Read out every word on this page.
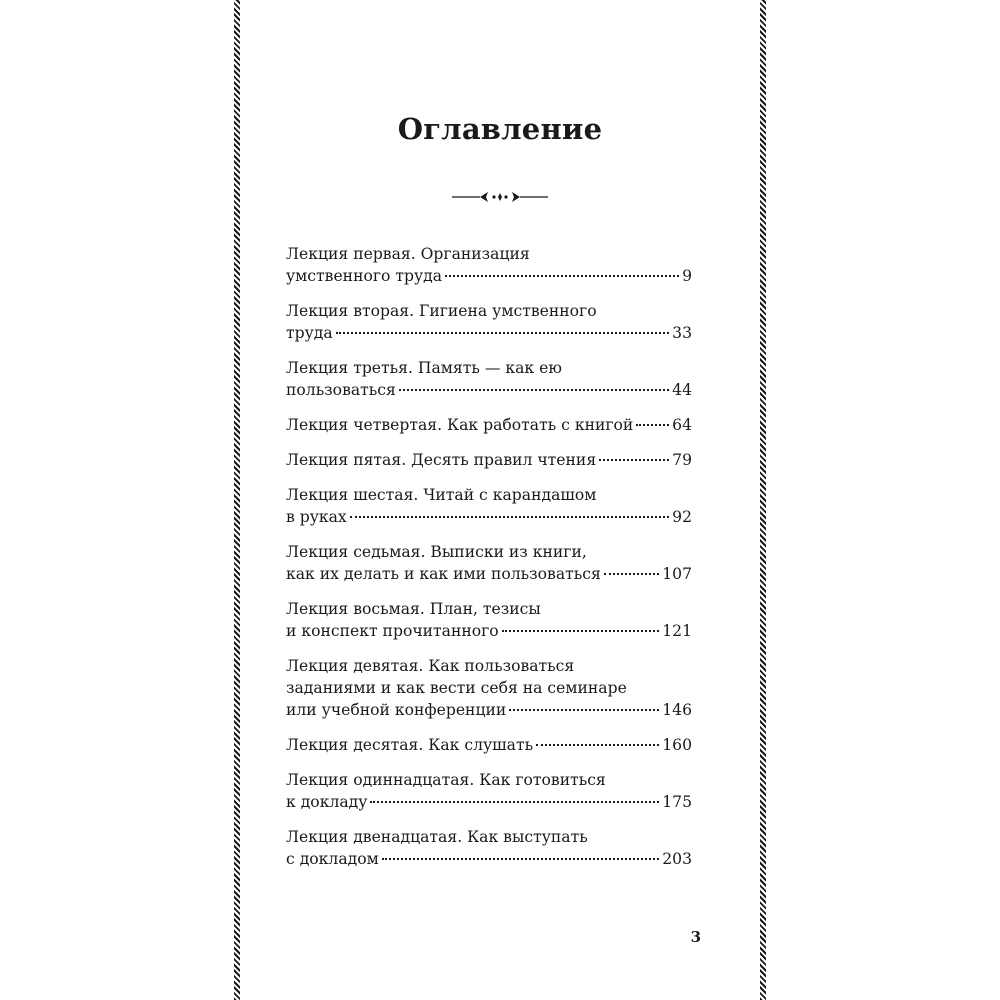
Оглавление
Лекция первая. Организация
умственного труда	9
Лекция вторая. Гигиена умственного
труда	33
Лекция третья. Память — как ею
пользоваться	44
Лекция четвертая. Как работать с книгой 64
Лекция пятая. Десять правил чтения	79
Лекция шестая. Читай с карандашом
в руках	92
Лекция седьмая. Выписки из книги,
как их делать и как ими пользоваться	107
Лекция восьмая. План, тезисы
и конспект прочитанного	121
Лекция девятая. Как пользоваться
заданиями и как вести себя на семинаре
или учебной конференции	146
Лекция десятая. Как слушать	160
Лекция одиннадцатая. Как готовиться
к докладу	175
Лекция двенадцатая. Как выступать
с докладом	203
3
